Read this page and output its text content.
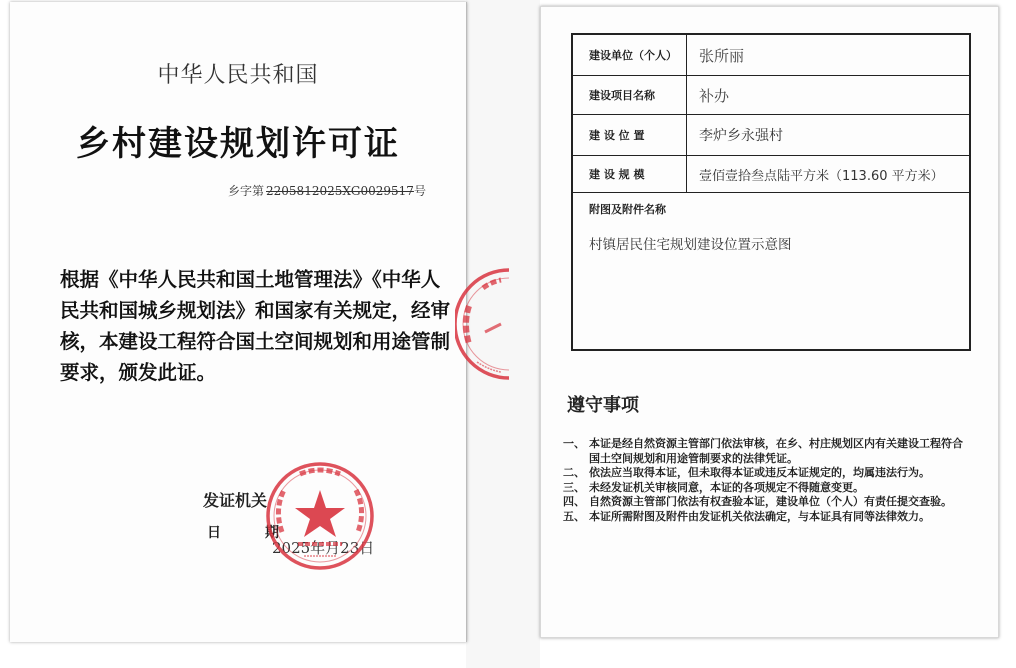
中华人民共和国
乡村建设规划许可证
乡字第 2205812025XG0029517号
根据《中华人民共和国土地管理法》《中华人民共和国城乡规划法》和国家有关规定，经审核，本建设工程符合国土空间规划和用途管制要求，颁发此证。
发证机关
日	期
2025年月23日
建设单位（个人）	张所丽
建设项目名称	补办
建 设 位 置	李炉乡永强村
建 设 规 模	壹佰壹拾叁点陆平方米（113.60 平方米）
附图及附件名称
村镇居民住宅规划建设位置示意图
遵守事项
一、 本证是经自然资源主管部门依法审核，在乡、村庄规划区内有关建设工程符合国土空间规划和用途管制要求的法律凭证。
二、 依法应当取得本证，但未取得本证或违反本证规定的，均属违法行为。
三、 未经发证机关审核同意，本证的各项规定不得随意变更。
四、 自然资源主管部门依法有权查验本证，建设单位（个人）有责任提交查验。
五、 本证所需附图及附件由发证机关依法确定，与本证具有同等法律效力。
